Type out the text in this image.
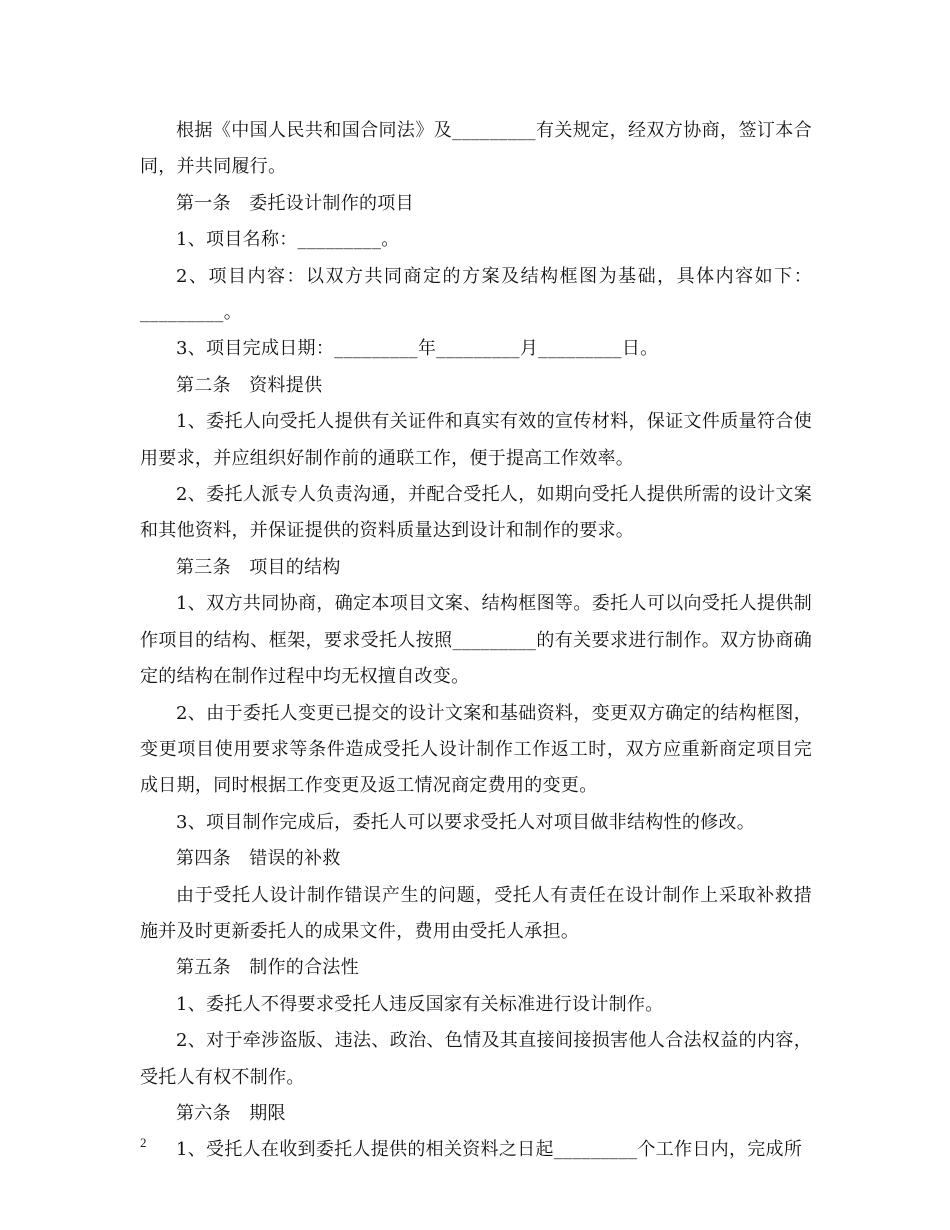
根据《中国人民共和国合同法》及_________有关规定，经双方协商，签订本合同，并共同履行。

第一条　委托设计制作的项目

1、项目名称：_________。

2、项目内容：以双方共同商定的方案及结构框图为基础，具体内容如下：_________。

3、项目完成日期：_________年_________月_________日。

第二条　资料提供

1、委托人向受托人提供有关证件和真实有效的宣传材料，保证文件质量符合使用要求，并应组织好制作前的通联工作，便于提高工作效率。

2、委托人派专人负责沟通，并配合受托人，如期向受托人提供所需的设计文案和其他资料，并保证提供的资料质量达到设计和制作的要求。

第三条　项目的结构

1、双方共同协商，确定本项目文案、结构框图等。委托人可以向受托人提供制作项目的结构、框架，要求受托人按照_________的有关要求进行制作。双方协商确定的结构在制作过程中均无权擅自改变。

2、由于委托人变更已提交的设计文案和基础资料，变更双方确定的结构框图，变更项目使用要求等条件造成受托人设计制作工作返工时，双方应重新商定项目完成日期，同时根据工作变更及返工情况商定费用的变更。

3、项目制作完成后，委托人可以要求受托人对项目做非结构性的修改。

第四条　错误的补救

由于受托人设计制作错误产生的问题，受托人有责任在设计制作上采取补救措施并及时更新委托人的成果文件，费用由受托人承担。

第五条　制作的合法性

1、委托人不得要求受托人违反国家有关标准进行设计制作。

2、对于牵涉盗版、违法、政治、色情及其直接间接损害他人合法权益的内容，受托人有权不制作。

第六条　期限

1、受托人在收到委托人提供的相关资料之日起_________个工作日内，完成所

2
